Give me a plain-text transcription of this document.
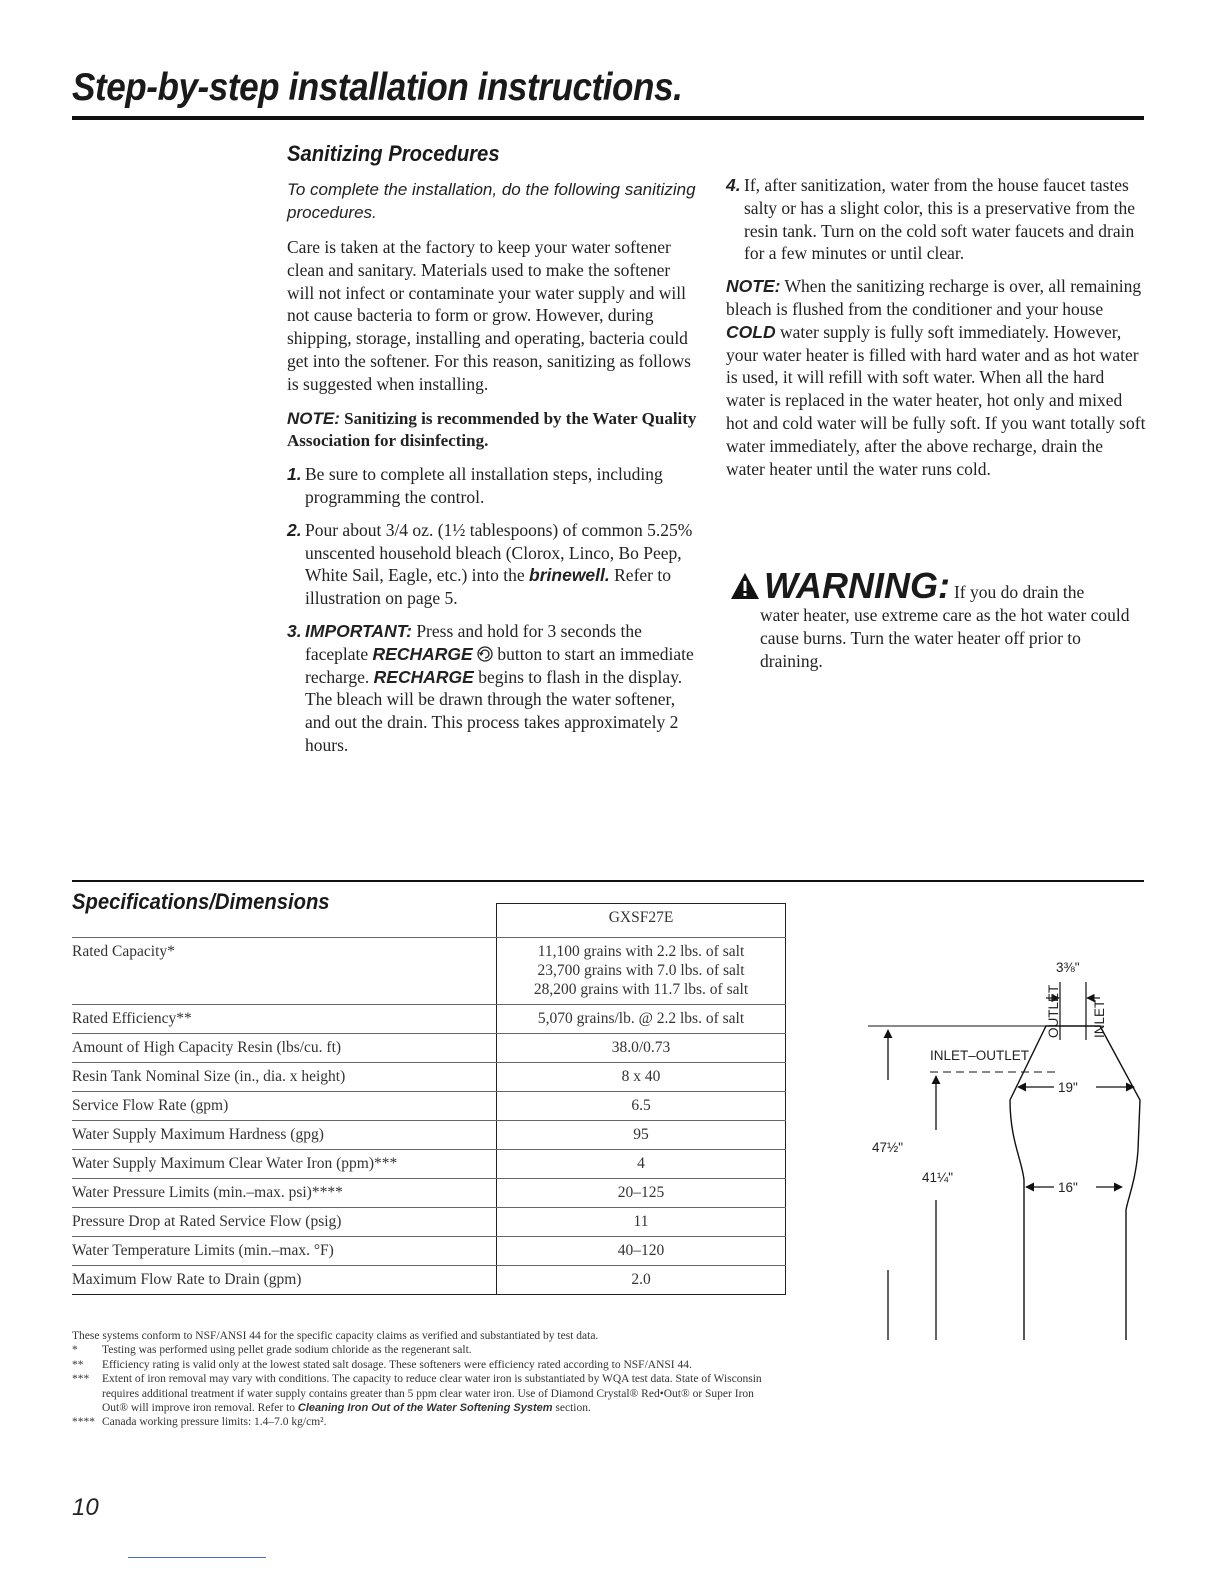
Step-by-step installation instructions.
Sanitizing Procedures
To complete the installation, do the following sanitizing procedures.
Care is taken at the factory to keep your water softener clean and sanitary. Materials used to make the softener will not infect or contaminate your water supply and will not cause bacteria to form or grow. However, during shipping, storage, installing and operating, bacteria could get into the softener. For this reason, sanitizing as follows is suggested when installing.
NOTE: Sanitizing is recommended by the Water Quality Association for disinfecting.
1. Be sure to complete all installation steps, including programming the control.
2. Pour about 3/4 oz. (1½ tablespoons) of common 5.25% unscented household bleach (Clorox, Linco, Bo Peep, White Sail, Eagle, etc.) into the brinewell. Refer to illustration on page 5.
3. IMPORTANT: Press and hold for 3 seconds the faceplate RECHARGE button to start an immediate recharge. RECHARGE begins to flash in the display. The bleach will be drawn through the water softener, and out the drain. This process takes approximately 2 hours.
4. If, after sanitization, water from the house faucet tastes salty or has a slight color, this is a preservative from the resin tank. Turn on the cold soft water faucets and drain for a few minutes or until clear.
NOTE: When the sanitizing recharge is over, all remaining bleach is flushed from the conditioner and your house COLD water supply is fully soft immediately. However, your water heater is filled with hard water and as hot water is used, it will refill with soft water. When all the hard water is replaced in the water heater, hot only and mixed hot and cold water will be fully soft. If you want totally soft water immediately, after the above recharge, drain the water heater until the water runs cold.
WARNING: If you do drain the
water heater, use extreme care as the hot water could cause burns. Turn the water heater off prior to draining.
Specifications/Dimensions
	GXSF27E
Rated Capacity*	11,100 grains with 2.2 lbs. of salt
23,700 grains with 7.0 lbs. of salt
28,200 grains with 11.7 lbs. of salt
Rated Efficiency**	5,070 grains/lb. @ 2.2 lbs. of salt
Amount of High Capacity Resin (lbs/cu. ft)	38.0/0.73
Resin Tank Nominal Size (in., dia. x height)	8 x 40
Service Flow Rate (gpm)	6.5
Water Supply Maximum Hardness (gpg)	95
Water Supply Maximum Clear Water Iron (ppm)***	4
Water Pressure Limits (min.–max. psi)****	20–125
Pressure Drop at Rated Service Flow (psig)	11
Water Temperature Limits (min.–max. °F)	40–120
Maximum Flow Rate to Drain (gpm)	2.0
These systems conform to NSF/ANSI 44 for the specific capacity claims as verified and substantiated by test data.
* Testing was performed using pellet grade sodium chloride as the regenerant salt.
** Efficiency rating is valid only at the lowest stated salt dosage. These softeners were efficiency rated according to NSF/ANSI 44.
*** Extent of iron removal may vary with conditions. The capacity to reduce clear water iron is substantiated by WQA test data. State of Wisconsin requires additional treatment if water supply contains greater than 5 ppm clear water iron. Use of Diamond Crystal® Red•Out® or Super Iron Out® will improve iron removal. Refer to Cleaning Iron Out of the Water Softening System section.
**** Canada working pressure limits: 1.4–7.0 kg/cm².
3⅜"
OUTLET INLET
INLET–OUTLET
19"
16"
47½"
41¼"
10
